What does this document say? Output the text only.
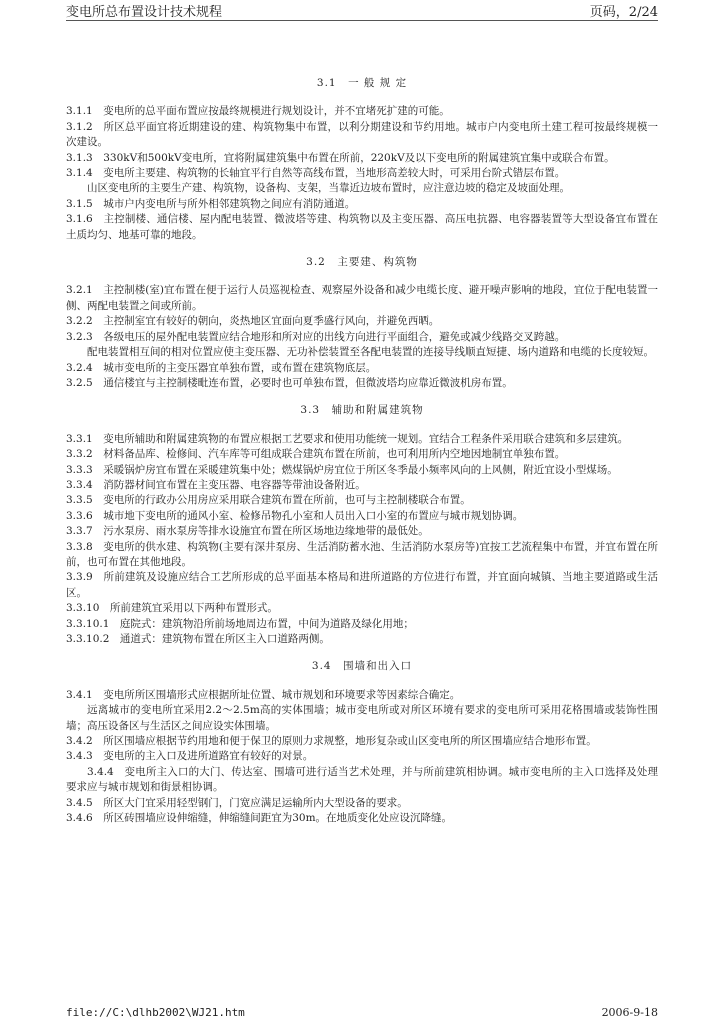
变电所总布置设计技术规程	页码，2/24
3.1　一 般 规 定

3.1.1　变电所的总平面布置应按最终规模进行规划设计，并不宜堵死扩建的可能。

3.1.2　所区总平面宜将近期建设的建、构筑物集中布置，以利分期建设和节约用地。城市户内变电所土建工程可按最终规模一次建设。

3.1.3　330kV和500kV变电所，宜将附属建筑集中布置在所前，220kV及以下变电所的附属建筑宜集中或联合布置。

3.1.4　变电所主要建、构筑物的长轴宜平行自然等高线布置，当地形高差较大时，可采用台阶式错层布置。

山区变电所的主要生产建、构筑物，设备构、支架，当靠近边坡布置时，应注意边坡的稳定及坡面处理。

3.1.5　城市户内变电所与所外相邻建筑物之间应有消防通道。

3.1.6　主控制楼、通信楼、屋内配电装置、微波塔等建、构筑物以及主变压器、高压电抗器、电容器装置等大型设备宜布置在土质均匀、地基可靠的地段。

3.2　主要建、构筑物

3.2.1　主控制楼(室)宜布置在便于运行人员巡视检查、观察屋外设备和减少电缆长度、避开噪声影响的地段，宜位于配电装置一侧、两配电装置之间或所前。

3.2.2　主控制室宜有较好的朝向，炎热地区宜面向夏季盛行风向，并避免西晒。

3.2.3　各级电压的屋外配电装置应结合地形和所对应的出线方向进行平面组合，避免或减少线路交叉跨越。

配电装置相互间的相对位置应使主变压器、无功补偿装置至各配电装置的连接导线顺直短捷、场内道路和电缆的长度较短。

3.2.4　城市变电所的主变压器宜单独布置，或布置在建筑物底层。

3.2.5　通信楼宜与主控制楼毗连布置，必要时也可单独布置，但微波塔均应靠近微波机房布置。

3.3　辅助和附属建筑物

3.3.1　变电所辅助和附属建筑物的布置应根据工艺要求和使用功能统一规划。宜结合工程条件采用联合建筑和多层建筑。

3.3.2　材料备品库、检修间、汽车库等可组成联合建筑布置在所前，也可利用所内空地因地制宜单独布置。

3.3.3　采暖锅炉房宜布置在采暖建筑集中处；燃煤锅炉房宜位于所区冬季最小频率风向的上风侧，附近宜设小型煤场。

3.3.4　消防器材间宜布置在主变压器、电容器等带油设备附近。

3.3.5　变电所的行政办公用房应采用联合建筑布置在所前，也可与主控制楼联合布置。

3.3.6　城市地下变电所的通风小室、检修吊物孔小室和人员出入口小室的布置应与城市规划协调。

3.3.7　污水泵房、雨水泵房等排水设施宜布置在所区场地边缘地带的最低处。

3.3.8　变电所的供水建、构筑物(主要有深井泵房、生活消防蓄水池、生活消防水泵房等)宜按工艺流程集中布置，并宜布置在所前，也可布置在其他地段。

3.3.9　所前建筑及设施应结合工艺所形成的总平面基本格局和进所道路的方位进行布置，并宜面向城镇、当地主要道路或生活区。

3.3.10　所前建筑宜采用以下两种布置形式。

3.3.10.1　庭院式：建筑物沿所前场地周边布置，中间为道路及绿化用地；

3.3.10.2　通道式：建筑物布置在所区主入口道路两侧。

3.4　围墙和出入口

3.4.1　变电所所区围墙形式应根据所址位置、城市规划和环境要求等因素综合确定。

远离城市的变电所宜采用2.2～2.5m高的实体围墙；城市变电所或对所区环境有要求的变电所可采用花格围墙或装饰性围墙；高压设备区与生活区之间应设实体围墙。

3.4.2　所区围墙应根据节约用地和便于保卫的原则力求规整，地形复杂或山区变电所的所区围墙应结合地形布置。

3.4.3　变电所的主入口及进所道路宜有较好的对景。

3.4.4　变电所主入口的大门、传达室、围墙可进行适当艺术处理，并与所前建筑相协调。城市变电所的主入口选择及处理要求应与城市规划和街景相协调。

3.4.5　所区大门宜采用轻型钢门，门宽应满足运输所内大型设备的要求。

3.4.6　所区砖围墙应设伸缩缝，伸缩缝间距宜为30m。在地质变化处应设沉降缝。

file://C:\dlhb2002\WJ21.htm	2006-9-18
